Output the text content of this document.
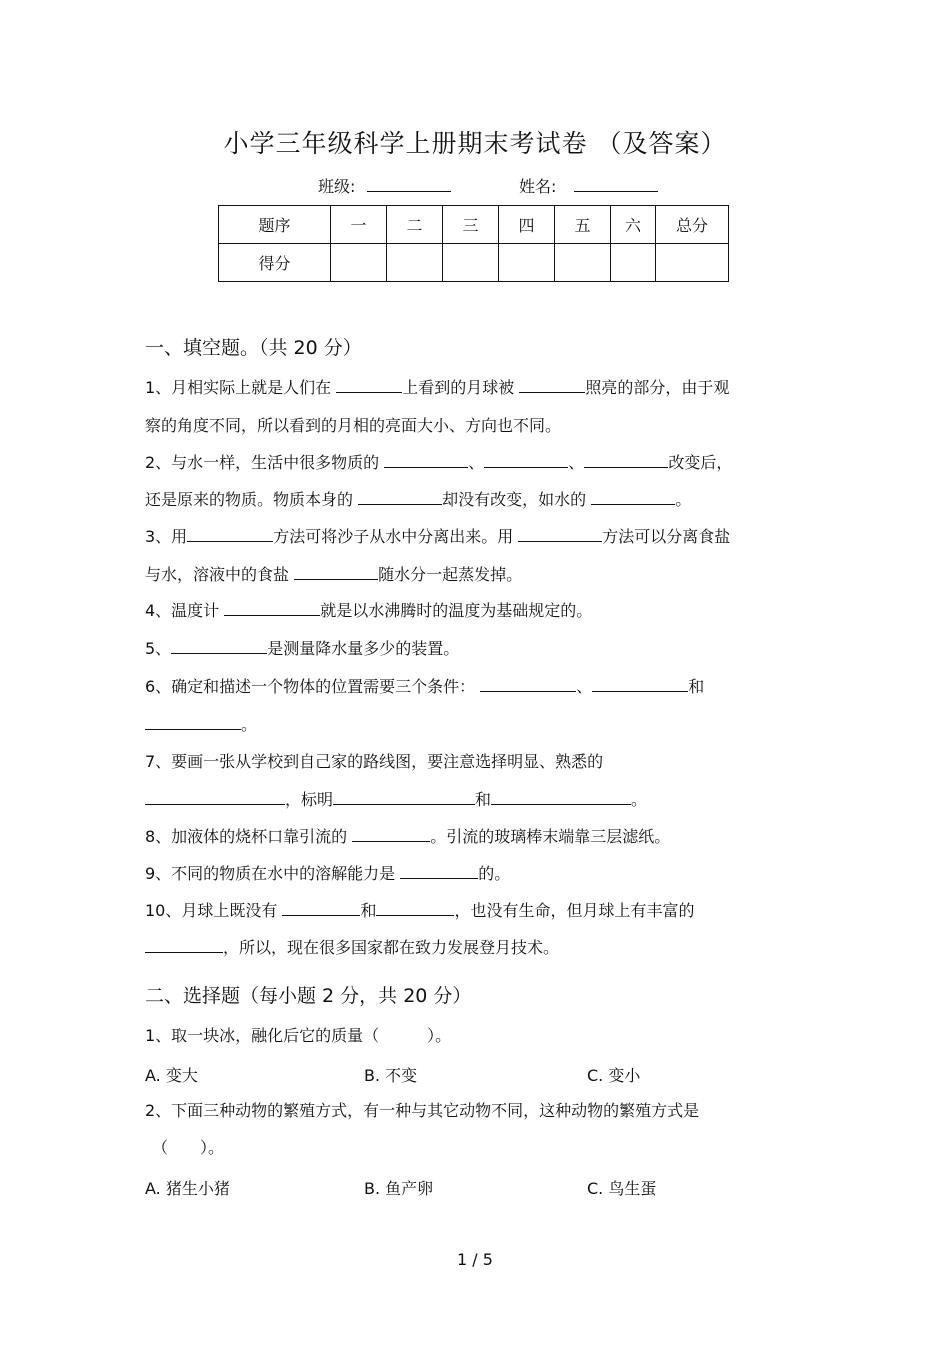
小学三年级科学上册期末考试卷 （及答案）
班级:	姓名:
题序	一	二	三	四	五	六	总分
得分							
一、填空题。（共 20 分）
1、月相实际上就是人们在	上看到的月球被	照亮的部分，由于观
察的角度不同，所以看到的月相的亮面大小、方向也不同。
2、与水一样，生活中很多物质的	、	、	改变后，
还是原来的物质。物质本身的	却没有改变，如水的	。
3、用	方法可将沙子从水中分离出来。用	方法可以分离食盐
与水，溶液中的食盐	随水分一起蒸发掉。
4、温度计	就是以水沸腾时的温度为基础规定的。
5、	是测量降水量多少的装置。
6、确定和描述一个物体的位置需要三个条件：	、	和
。
7、要画一张从学校到自己家的路线图，要注意选择明显、熟悉的
，标明	和	。
8、加液体的烧杯口靠引流的	。引流的玻璃棒末端靠三层滤纸。
9、不同的物质在水中的溶解能力是	的。
10、月球上既没有	和	，也没有生命，但月球上有丰富的
，所以，现在很多国家都在致力发展登月技术。
二、选择题（每小题 2 分，共 20 分）
1、取一块冰，融化后它的质量（　　　）。
A. 变大	B. 不变	C. 变小
2、下面三种动物的繁殖方式，有一种与其它动物不同，这种动物的繁殖方式是
（　　）。
A. 猪生小猪	B. 鱼产卵	C. 鸟生蛋
1 / 5
